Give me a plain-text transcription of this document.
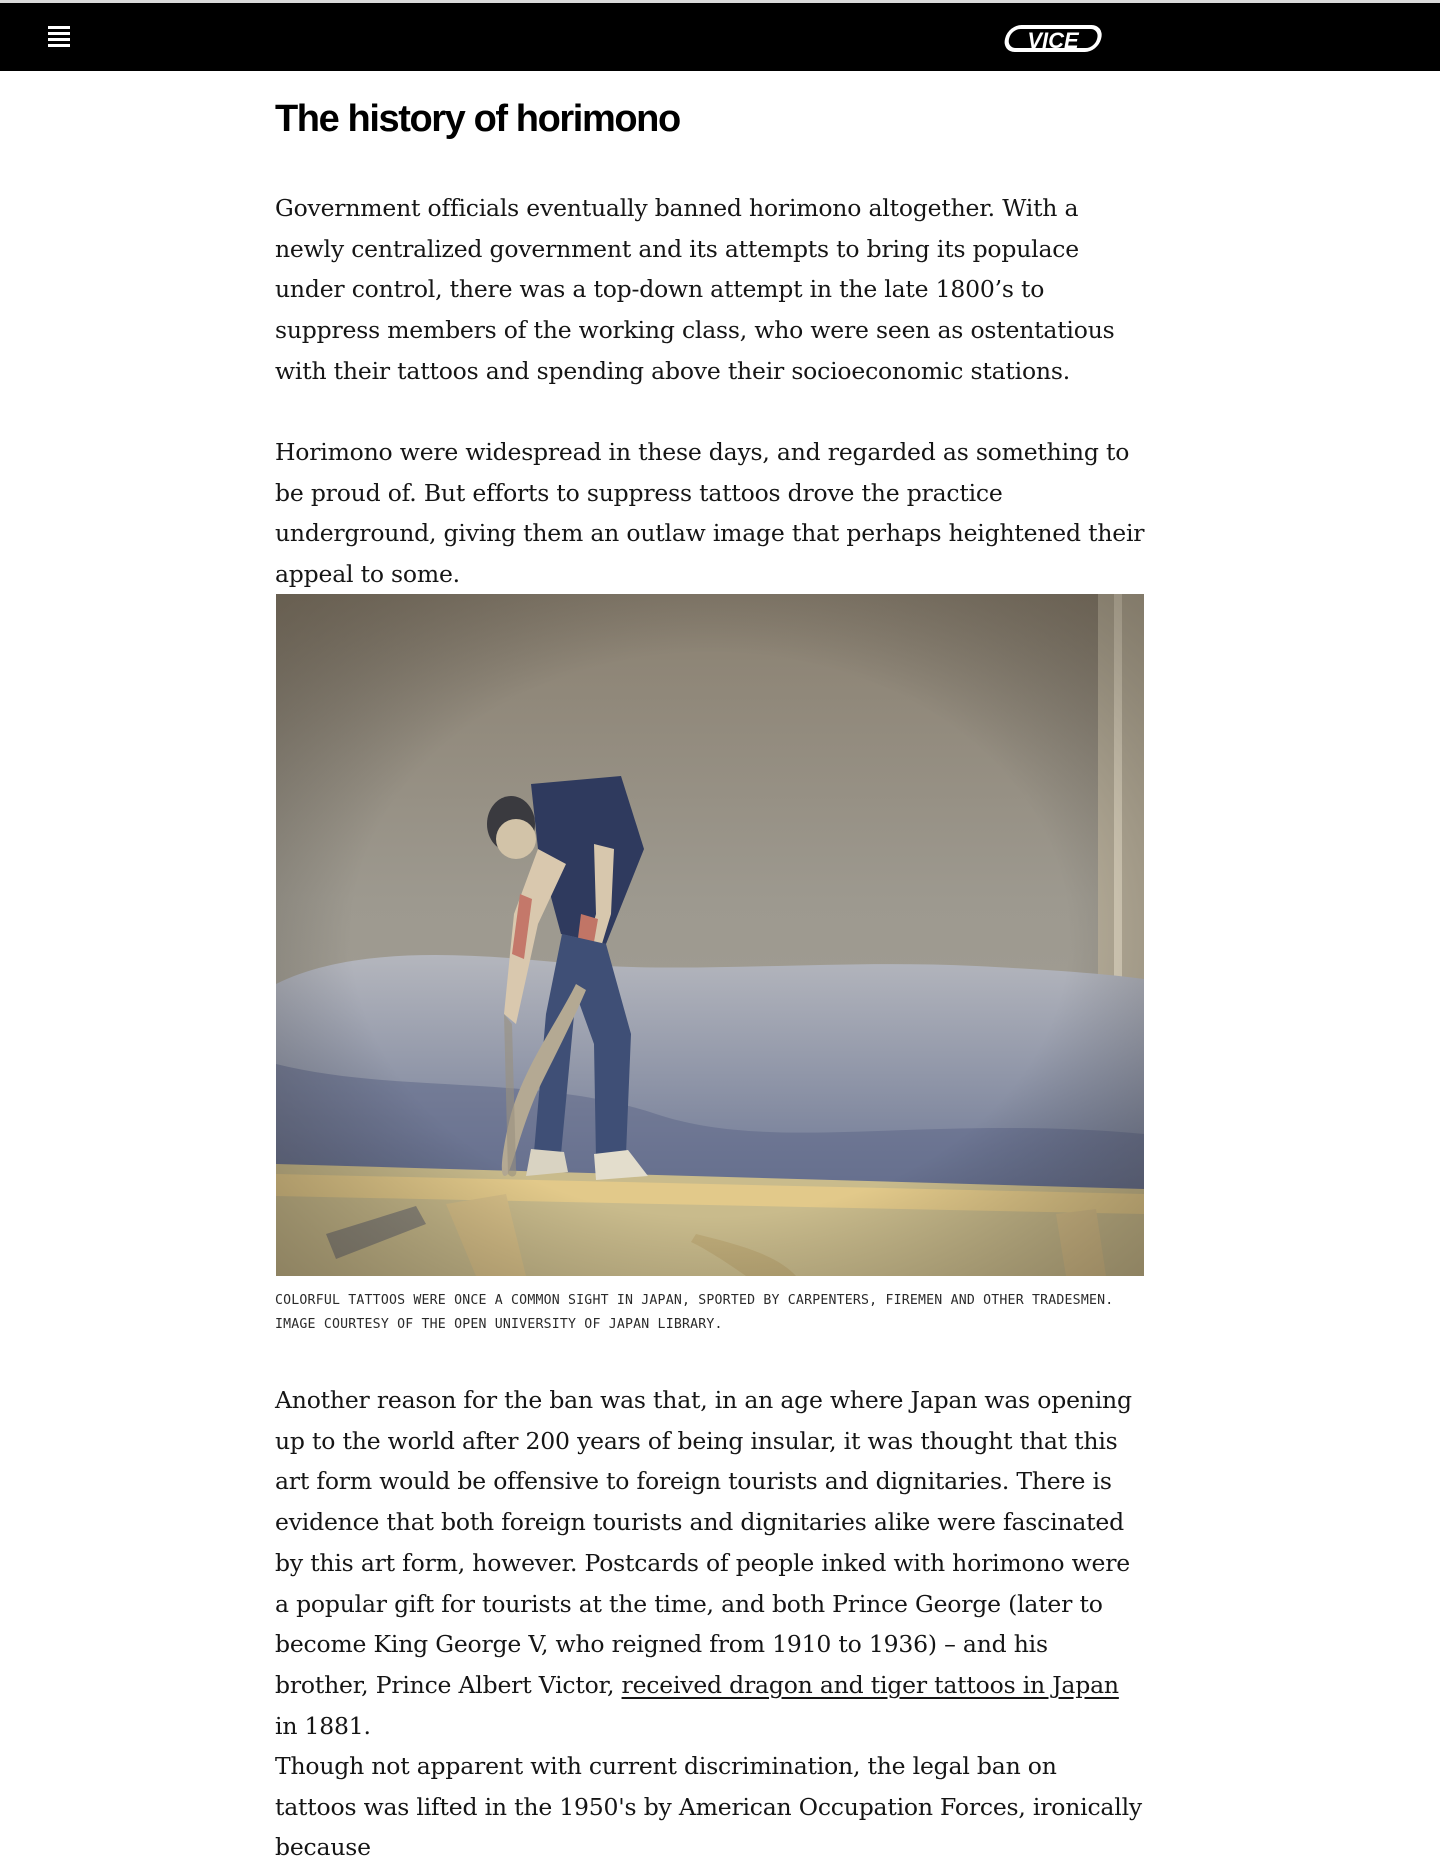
VICE
The history of horimono

Government officials eventually banned horimono altogether. With a newly centralized government and its attempts to bring its populace under control, there was a top-down attempt in the late 1800’s to suppress members of the working class, who were seen as ostentatious with their tattoos and spending above their socioeconomic stations.

Horimono were widespread in these days, and regarded as something to be proud of. But efforts to suppress tattoos drove the practice underground, giving them an outlaw image that perhaps heightened their appeal to some.

COLORFUL TATTOOS WERE ONCE A COMMON SIGHT IN JAPAN, SPORTED BY CARPENTERS, FIREMEN AND OTHER TRADESMEN. IMAGE COURTESY OF THE OPEN UNIVERSITY OF JAPAN LIBRARY.

Another reason for the ban was that, in an age where Japan was opening up to the world after 200 years of being insular, it was thought that this art form would be offensive to foreign tourists and dignitaries. There is evidence that both foreign tourists and dignitaries alike were fascinated by this art form, however. Postcards of people inked with horimono were a popular gift for tourists at the time, and both Prince George (later to become King George V, who reigned from 1910 to 1936) – and his brother, Prince Albert Victor, received dragon and tiger tattoos in Japan in 1881.

Though not apparent with current discrimination, the legal ban on tattoos was lifted in the 1950's by American Occupation Forces, ironically because
